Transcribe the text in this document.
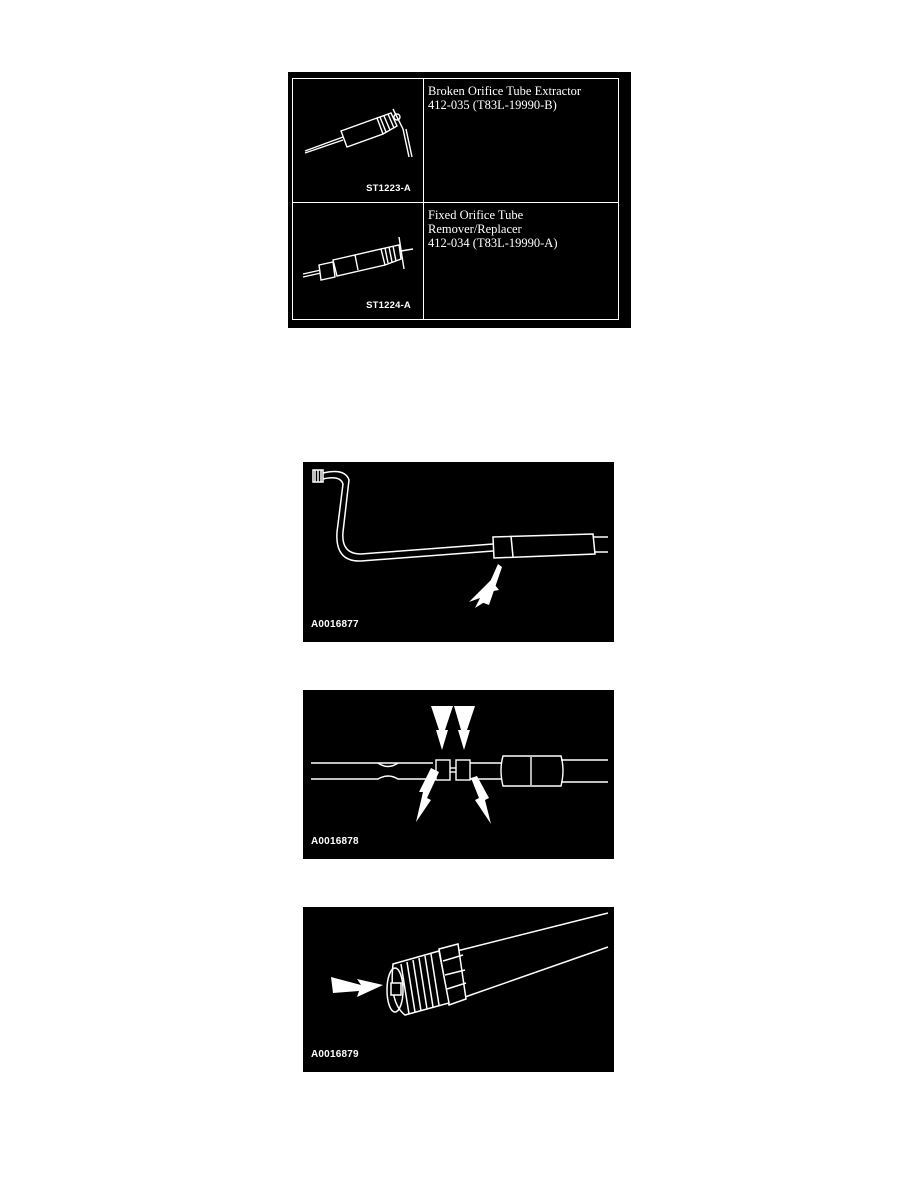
ST1223-A
Broken Orifice Tube Extractor
412-035 (T83L-19990-B)
ST1224-A
Fixed Orifice Tube
Remover/Replacer
412-034 (T83L-19990-A)
A0016877
A0016878
A0016879
